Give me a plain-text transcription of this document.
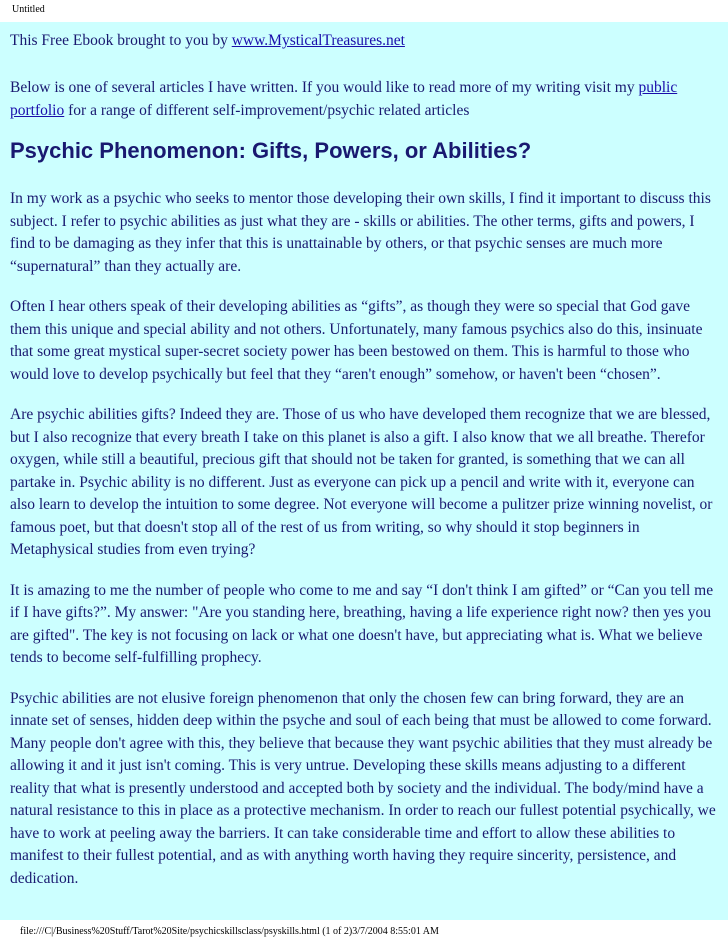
Untitled

This Free Ebook brought to you by www.MysticalTreasures.net

Below is one of several articles I have written. If you would like to read more of my writing visit my public portfolio for a range of different self-improvement/psychic related articles

Psychic Phenomenon: Gifts, Powers, or Abilities?

In my work as a psychic who seeks to mentor those developing their own skills, I find it important to discuss this subject. I refer to psychic abilities as just what they are - skills or abilities. The other terms, gifts and powers, I find to be damaging as they infer that this is unattainable by others, or that psychic senses are much more “supernatural” than they actually are.

Often I hear others speak of their developing abilities as “gifts”, as though they were so special that God gave them this unique and special ability and not others. Unfortunately, many famous psychics also do this, insinuate that some great mystical super-secret society power has been bestowed on them. This is harmful to those who would love to develop psychically but feel that they “aren't enough” somehow, or haven't been “chosen”.

Are psychic abilities gifts? Indeed they are. Those of us who have developed them recognize that we are blessed, but I also recognize that every breath I take on this planet is also a gift. I also know that we all breathe. Therefor oxygen, while still a beautiful, precious gift that should not be taken for granted, is something that we can all partake in. Psychic ability is no different. Just as everyone can pick up a pencil and write with it, everyone can also learn to develop the intuition to some degree. Not everyone will become a pulitzer prize winning novelist, or famous poet, but that doesn't stop all of the rest of us from writing, so why should it stop beginners in Metaphysical studies from even trying?

It is amazing to me the number of people who come to me and say “I don't think I am gifted” or “Can you tell me if I have gifts?”. My answer: "Are you standing here, breathing, having a life experience right now? then yes you are gifted". The key is not focusing on lack or what one doesn't have, but appreciating what is. What we believe tends to become self-fulfilling prophecy.

Psychic abilities are not elusive foreign phenomenon that only the chosen few can bring forward, they are an innate set of senses, hidden deep within the psyche and soul of each being that must be allowed to come forward. Many people don't agree with this, they believe that because they want psychic abilities that they must already be allowing it and it just isn't coming. This is very untrue. Developing these skills means adjusting to a different reality that what is presently understood and accepted both by society and the individual. The body/mind have a natural resistance to this in place as a protective mechanism. In order to reach our fullest potential psychically, we have to work at peeling away the barriers. It can take considerable time and effort to allow these abilities to manifest to their fullest potential, and as with anything worth having they require sincerity, persistence, and dedication.

file:///C|/Business%20Stuff/Tarot%20Site/psychicskillsclass/psyskills.html (1 of 2)3/7/2004 8:55:01 AM
